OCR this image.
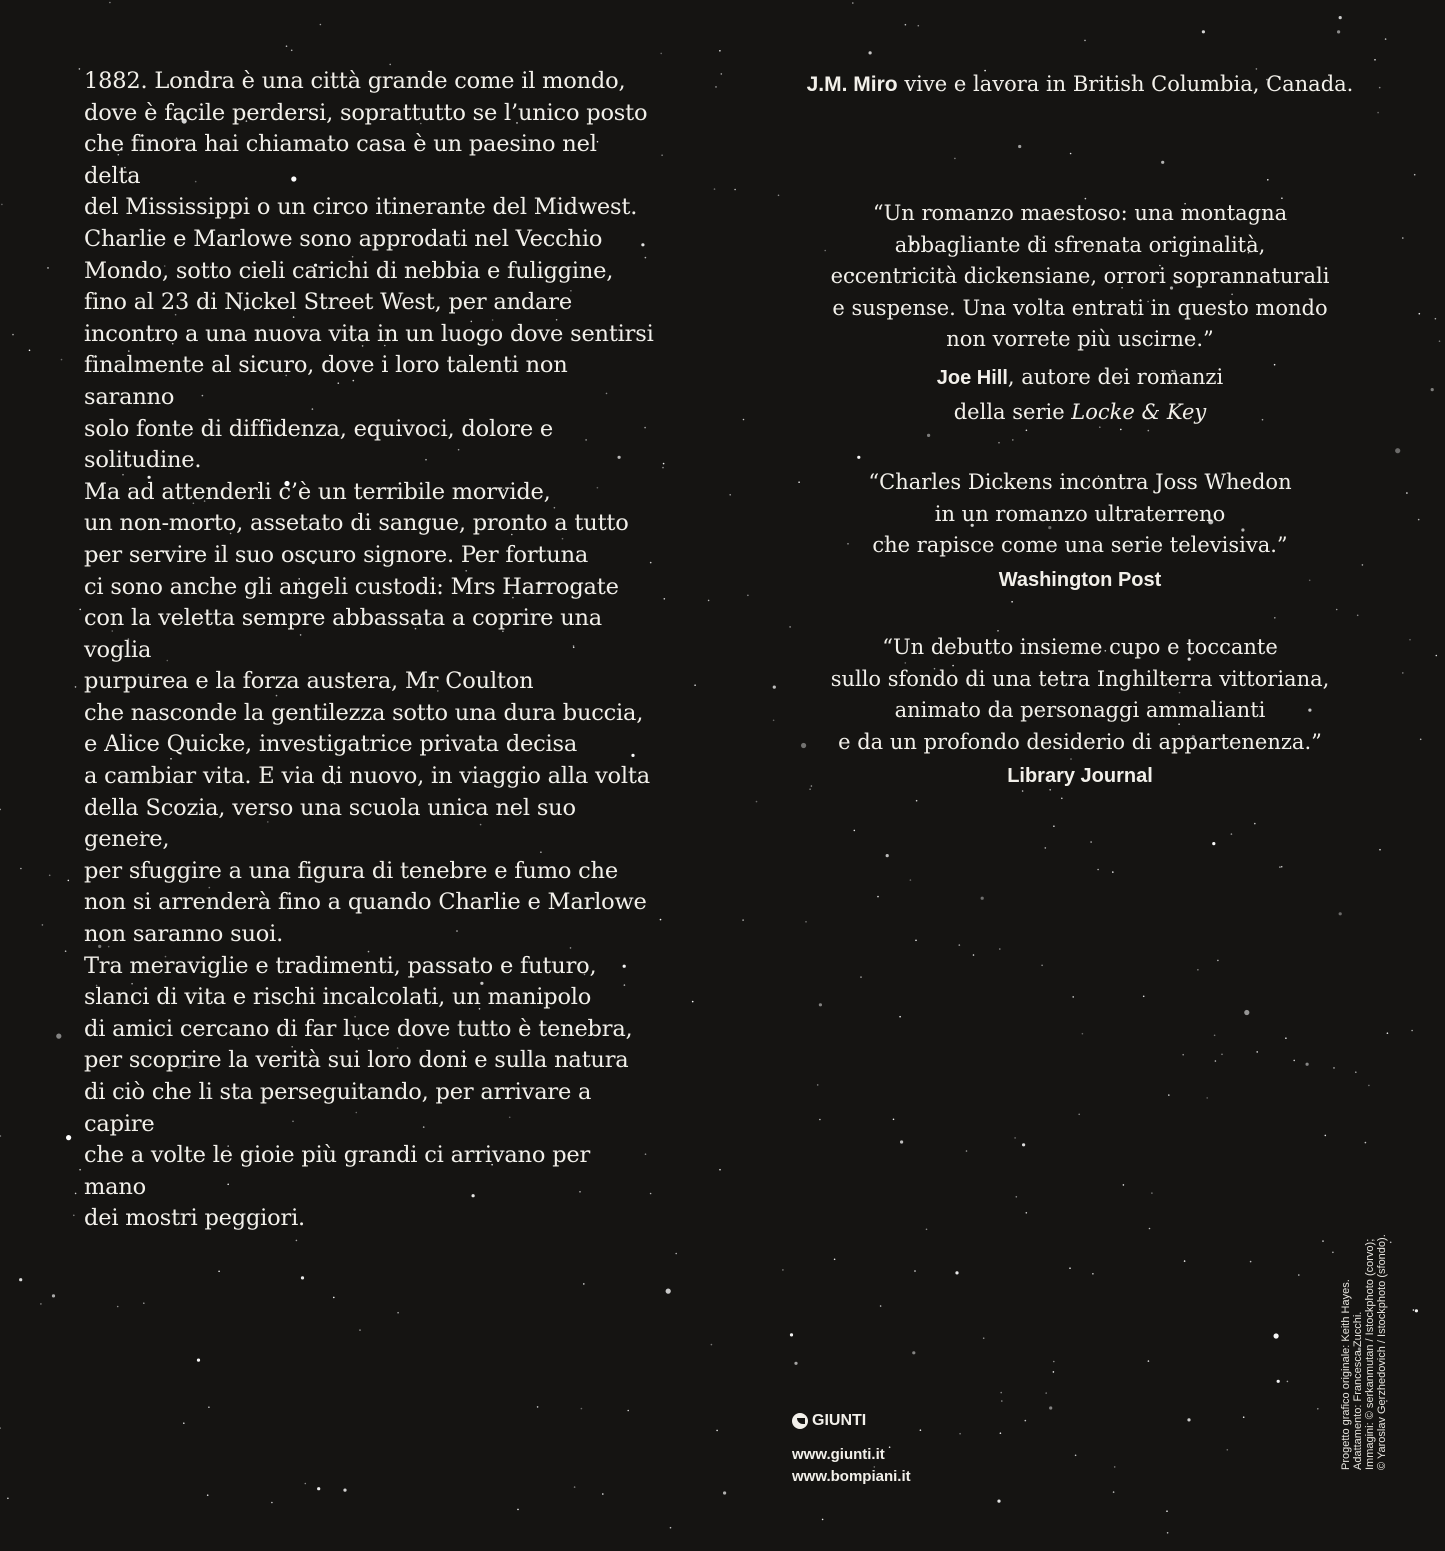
1882. Londra è una città grande come il mondo,

dove è facile perdersi, soprattutto se l’unico posto

che finora hai chiamato casa è un paesino nel delta

del Mississippi o un circo itinerante del Midwest.

Charlie e Marlowe sono approdati nel Vecchio

Mondo, sotto cieli carichi di nebbia e fuliggine,

fino al 23 di Nickel Street West, per andare

incontro a una nuova vita in un luogo dove sentirsi

finalmente al sicuro, dove i loro talenti non saranno

solo fonte di diffidenza, equivoci, dolore e solitudine.

Ma ad attenderli c’è un terribile morvide,

un non-morto, assetato di sangue, pronto a tutto

per servire il suo oscuro signore. Per fortuna

ci sono anche gli angeli custodi: Mrs Harrogate

con la veletta sempre abbassata a coprire una voglia

purpurea e la forza austera, Mr Coulton

che nasconde la gentilezza sotto una dura buccia,

e Alice Quicke, investigatrice privata decisa

a cambiar vita. E via di nuovo, in viaggio alla volta

della Scozia, verso una scuola unica nel suo genere,

per sfuggire a una figura di tenebre e fumo che

non si arrenderà fino a quando Charlie e Marlowe

non saranno suoi.

Tra meraviglie e tradimenti, passato e futuro,

slanci di vita e rischi incalcolati, un manipolo

di amici cercano di far luce dove tutto è tenebra,

per scoprire la verità sui loro doni e sulla natura

di ciò che li sta perseguitando, per arrivare a capire

che a volte le gioie più grandi ci arrivano per mano

dei mostri peggiori.

J.M. Miro vive e lavora in British Columbia, Canada.

“Un romanzo maestoso: una montagna

abbagliante di sfrenata originalità,

eccentricità dickensiane, orrori soprannaturali

e suspense. Una volta entrati in questo mondo

non vorrete più uscirne.”

Joe Hill, autore dei romanzi

della serie Locke & Key

“Charles Dickens incontra Joss Whedon

in un romanzo ultraterreno

che rapisce come una serie televisiva.”

Washington Post

“Un debutto insieme cupo e toccante

sullo sfondo di una tetra Inghilterra vittoriana,

animato da personaggi ammalianti

e da un profondo desiderio di appartenenza.”

Library Journal

GIUNTI
www.giunti.it
www.bompiani.it
Progetto grafico originale: Keith Hayes. Adattamento: Francesca Zucchi. Immagini: © serkanmutan / Istockphoto (corvo); © Yaroslav Gerzhedovich / Istockphoto (sfondo).
